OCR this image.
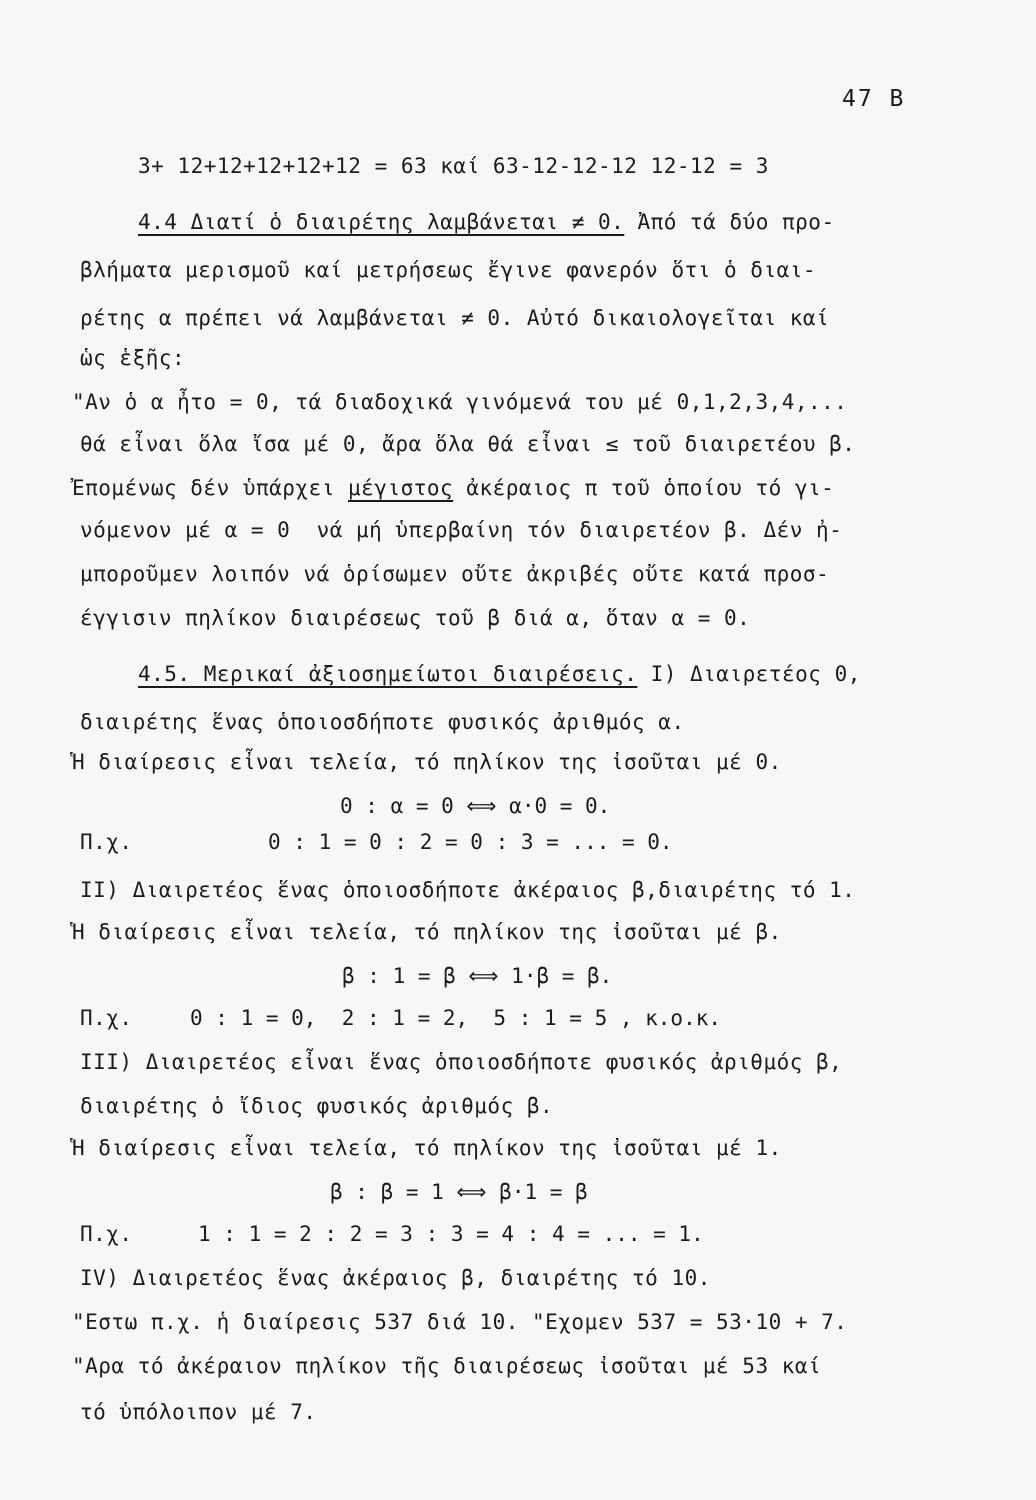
47 B
3+ 12+12+12+12+12 = 63 καί 63-12-12-12 12-12 = 3
4.4 Διατί ὁ διαιρέτης λαμβάνεται ≠ 0. Ἀπό τά δύο προ-
βλήματα μερισμοῦ καί μετρήσεως ἔγινε φανερόν ὅτι ὁ διαι-
ρέτης α πρέπει νά λαμβάνεται ≠ 0. Αὐτό δικαιολογεῖται καί
ὡς ἑξῆς:
"Αν ὁ α ἦτο = 0, τά διαδοχικά γινόμενά του μέ 0,1,2,3,4,...
θά εἶναι ὅλα ἴσα μέ 0, ἄρα ὅλα θά εἶναι ≤ τοῦ διαιρετέου β.
Ἐπομένως δέν ὑπάρχει μέγιστος ἀκέραιος π τοῦ ὁποίου τό γι-
νόμενον μέ α = 0  νά μή ὑπερβαίνη τόν διαιρετέον β. Δέν ἠ-
μποροῦμεν λοιπόν νά ὁρίσωμεν οὔτε ἀκριβές οὔτε κατά προσ-
έγγισιν πηλίκον διαιρέσεως τοῦ β διά α, ὅταν α = 0.
4.5. Μερικαί ἀξιοσημείωτοι διαιρέσεις. I) Διαιρετέος 0,
διαιρέτης ἕνας ὁποιοσδήποτε φυσικός ἀριθμός α.
Ἡ διαίρεσις εἶναι τελεία, τό πηλίκον της ἰσοῦται μέ 0.
0 : α = 0 ⟺ α·0 = 0.
Π.χ.	0 : 1 = 0 : 2 = 0 : 3 = ... = 0.
II) Διαιρετέος ἕνας ὁποιοσδήποτε ἀκέραιος β,διαιρέτης τό 1.
Ἡ διαίρεσις εἶναι τελεία, τό πηλίκον της ἰσοῦται μέ β.
β : 1 = β ⟺ 1·β = β.
Π.χ.	0 : 1 = 0,  2 : 1 = 2,  5 : 1 = 5 , κ.ο.κ.
III) Διαιρετέος εἶναι ἕνας ὁποιοσδήποτε φυσικός ἀριθμός β,
διαιρέτης ὁ ἴδιος φυσικός ἀριθμός β.
Ἡ διαίρεσις εἶναι τελεία, τό πηλίκον της ἰσοῦται μέ 1.
β : β = 1 ⟺ β·1 = β
Π.χ.	1 : 1 = 2 : 2 = 3 : 3 = 4 : 4 = ... = 1.
IV) Διαιρετέος ἕνας ἀκέραιος β, διαιρέτης τό 10.
"Εστω π.χ. ἡ διαίρεσις 537 διά 10. "Εχομεν 537 = 53·10 + 7.
"Αρα τό ἀκέραιον πηλίκον τῆς διαιρέσεως ἰσοῦται μέ 53 καί
τό ὑπόλοιπον μέ 7.
